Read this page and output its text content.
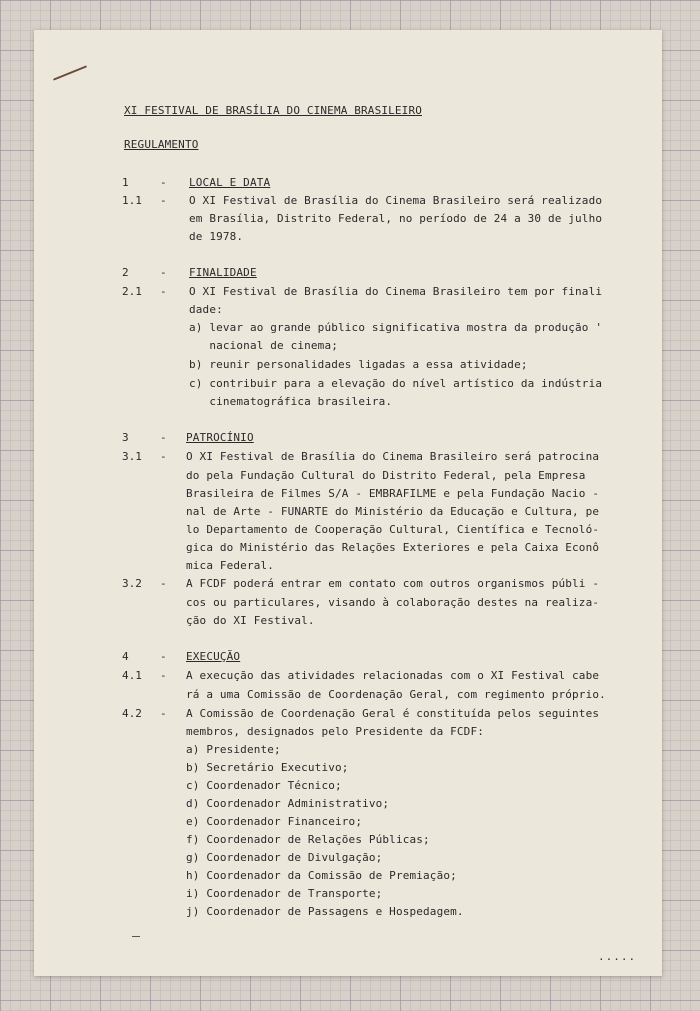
XI FESTIVAL DE BRASÍLIA DO CINEMA BRASILEIRO
REGULAMENTO
1	- LOCAL E DATA
1.1 - O XI Festival de Brasília do Cinema Brasileiro será realizado
em Brasília, Distrito Federal, no período de 24 a 30 de julho
de 1978.
2	- FINALIDADE
2.1 - O XI Festival de Brasília do Cinema Brasileiro tem por finali
dade:
a) levar ao grande público significativa mostra da produção '
nacional de cinema;
b) reunir personalidades ligadas a essa atividade;
c) contribuir para a elevação do nível artístico da indústria
cinematográfica brasileira.
3	- PATROCÍNIO
3.1 - O XI Festival de Brasília do Cinema Brasileiro será patrocina
do pela Fundação Cultural do Distrito Federal, pela Empresa
Brasileira de Filmes S/A - EMBRAFILME e pela Fundação Nacio -
nal de Arte - FUNARTE do Ministério da Educação e Cultura, pe
lo Departamento de Cooperação Cultural, Científica e Tecnoló-
gica do Ministério das Relações Exteriores e pela Caixa Econô
mica Federal.
3.2 - A FCDF poderá entrar em contato com outros organismos públi -
cos ou particulares, visando à colaboração destes na realiza-
ção do XI Festival.
4	- EXECUÇÃO
4.1 - A execução das atividades relacionadas com o XI Festival cabe
rá a uma Comissão de Coordenação Geral, com regimento próprio.
4.2 - A Comissão de Coordenação Geral é constituída pelos seguintes
membros, designados pelo Presidente da FCDF:
a) Presidente;
b) Secretário Executivo;
c) Coordenador Técnico;
d) Coordenador Administrativo;
e) Coordenador Financeiro;
f) Coordenador de Relações Públicas;
g) Coordenador de Divulgação;
h) Coordenador da Comissão de Premiação;
i) Coordenador de Transporte;
j) Coordenador de Passagens e Hospedagem.
.....
